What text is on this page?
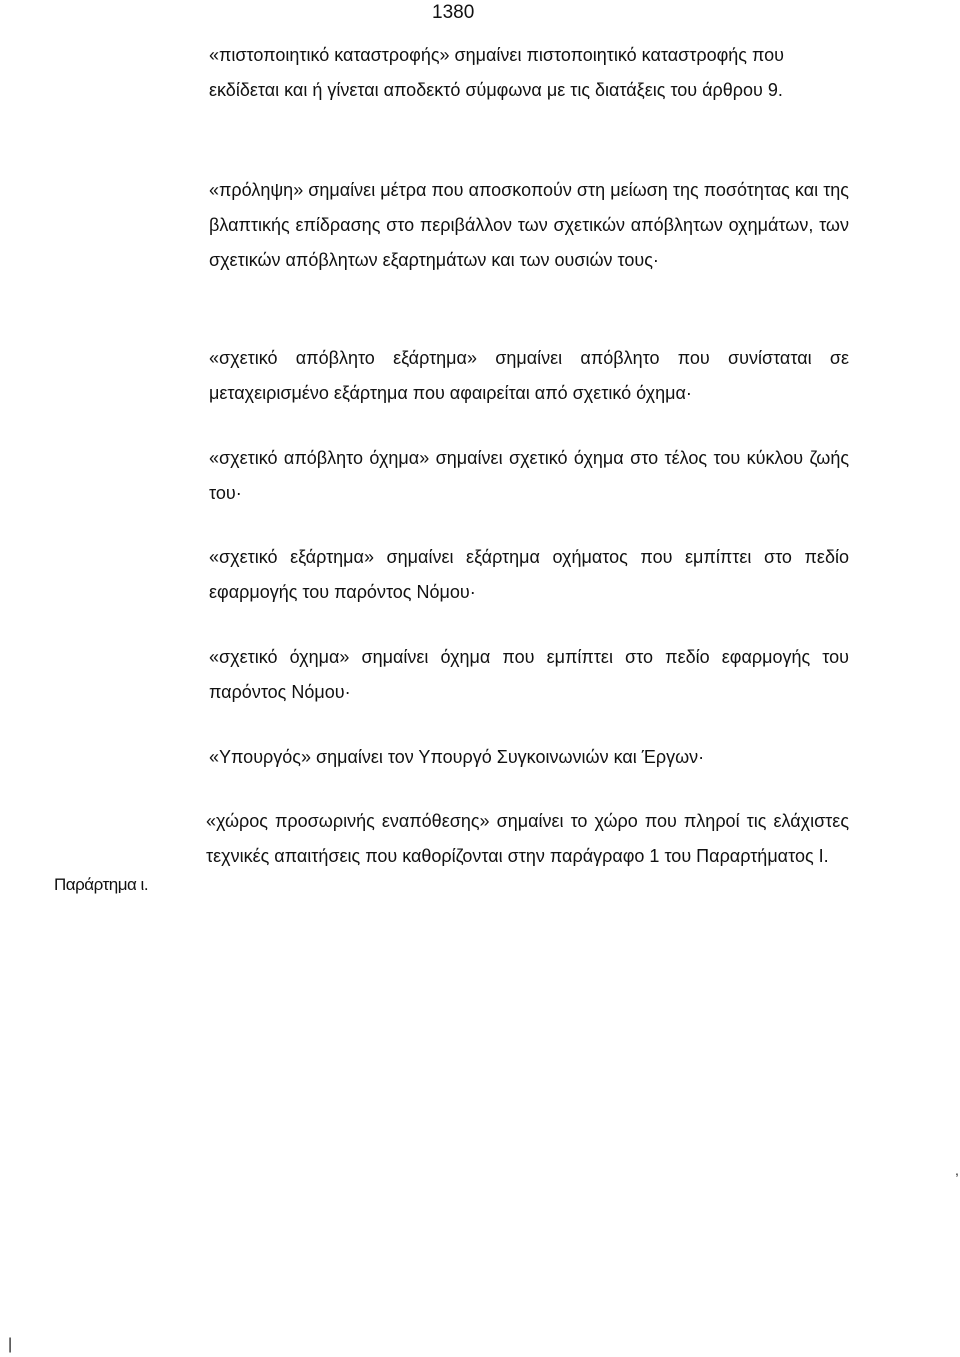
1380

«πιστοποιητικό καταστροφής» σημαίνει πιστοποιητικό καταστροφής που εκδίδεται και ή γίνεται αποδεκτό σύμφωνα με τις διατάξεις του άρθρου 9.

«πρόληψη» σημαίνει μέτρα που αποσκοπούν στη μείωση της ποσότητας και της βλαπτικής επίδρασης στο περιβάλλον των σχετικών απόβλητων οχημάτων, των σχετικών απόβλητων εξαρτημάτων και των ουσιών τους·

«σχετικό απόβλητο εξάρτημα» σημαίνει απόβλητο που συνίσταται σε μεταχειρισμένο εξάρτημα που αφαιρείται από σχετικό όχημα·

«σχετικό απόβλητο όχημα» σημαίνει σχετικό όχημα στο τέλος του κύκλου ζωής του·

«σχετικό εξάρτημα» σημαίνει εξάρτημα οχήματος που εμπίπτει στο πεδίο εφαρμογής του παρόντος Νόμου·

«σχετικό όχημα» σημαίνει όχημα που εμπίπτει στο πεδίο εφαρμογής του παρόντος Νόμου·

«Υπουργός» σημαίνει τον Υπουργό Συγκοινωνιών και Έργων·

«χώρος προσωρινής εναπόθεσης» σημαίνει το χώρο που πληροί τις ελάχιστες τεχνικές απαιτήσεις που καθορίζονται στην παράγραφο 1 του Παραρτήματος Ι.

Παράρτημα ι.
,
|
